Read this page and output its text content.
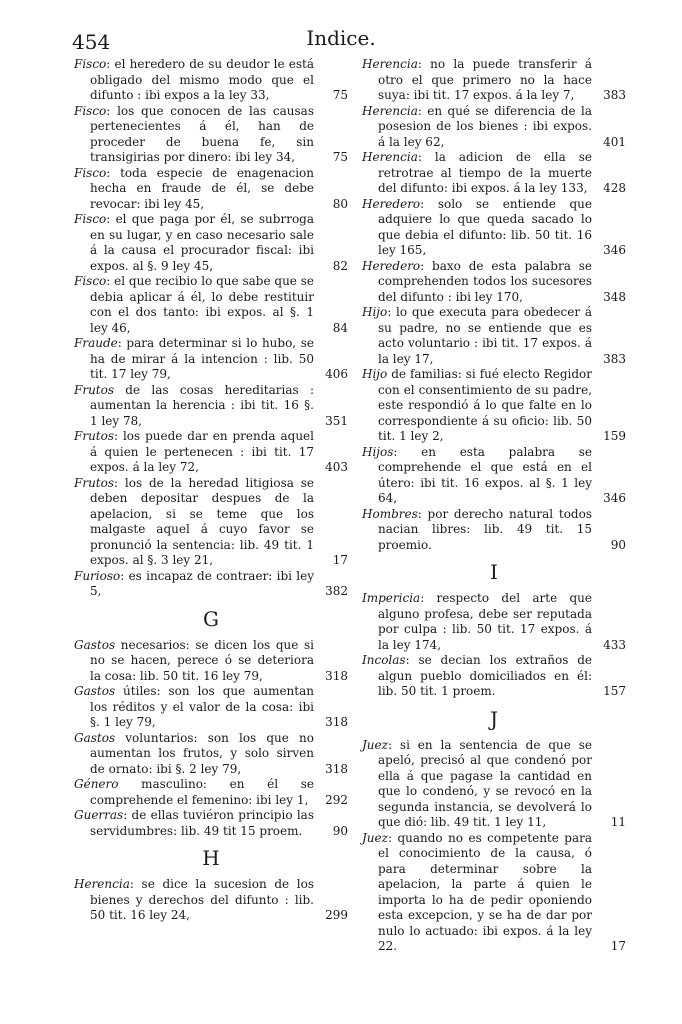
454	Indice.

Fisco: el heredero de su deudor le está obligado del mismo modo que el difunto : ibi expos a la ley 33,	75

Fisco: los que conocen de las causas pertenecientes á él, han de proceder de buena fe, sin transigirias por dinero: ibi ley 34,	75

Fisco: toda especie de enagenacion hecha en fraude de él, se debe revocar: ibi ley 45,	80

Fisco: el que paga por él, se subrroga en su lugar, y en caso necesario sale á la causa el procurador fiscal: ibi expos. al §. 9 ley 45,	82

Fisco: el que recibio lo que sabe que se debia aplicar á él, lo debe restituir con el dos tanto: ibi expos. al §. 1 ley 46,	84

Fraude: para determinar si lo hubo, se ha de mirar á la intencion : lib. 50 tit. 17 ley 79,	406

Frutos de las cosas hereditarias : aumentan la herencia : ibi tit. 16 §. 1 ley 78,	351

Frutos: los puede dar en prenda aquel á quien le pertenecen : ibi tit. 17 expos. á la ley 72,	403

Frutos: los de la heredad litigiosa se deben depositar despues de la apelacion, si se teme que los malgaste aquel á cuyo favor se pronunció la sentencia: lib. 49 tit. 1 expos. al §. 3 ley 21,	17

Furioso: es incapaz de contraer: ibi ley 5,	382

G

Gastos necesarios: se dicen los que si no se hacen, perece ó se deteriora la cosa: lib. 50 tit. 16 ley 79,	318

Gastos útiles: son los que aumentan los réditos y el valor de la cosa: ibi §. 1 ley 79,	318

Gastos voluntarios: son los que no aumentan los frutos, y solo sirven de ornato: ibi §. 2 ley 79,	318

Género masculino: en él se comprehende el femenino: ibi ley 1, 292

Guerras: de ellas tuviéron principio las servidumbres: lib. 49 tit 15 proem.	90

H

Herencia: se dice la sucesion de los bienes y derechos del difunto : lib. 50 tit. 16 ley 24,	299

Herencia: no la puede transferir á otro el que primero no la hace suya: ibi tit. 17 expos. á la ley 7, 383

Herencia: en qué se diferencia de la posesion de los bienes : ibi expos. á la ley 62,	401

Herencia: la adicion de ella se retrotrae al tiempo de la muerte del difunto: ibi expos. á la ley 133, 428

Heredero: solo se entiende que adquiere lo que queda sacado lo que debia el difunto: lib. 50 tit. 16 ley 165,	346

Heredero: baxo de esta palabra se comprehenden todos los sucesores del difunto : ibi ley 170,	348

Hijo: lo que executa para obedecer á su padre, no se entiende que es acto voluntario : ibi tit. 17 expos. á la ley 17,	383

Hijo de familias: si fué electo Regidor con el consentimiento de su padre, este respondió á lo que falte en lo correspondiente á su oficio: lib. 50 tit. 1 ley 2,	159

Hijos: en esta palabra se comprehende el que está en el útero: ibi tit. 16 expos. al §. 1 ley 64,	346

Hombres: por derecho natural todos nacian libres: lib. 49 tit. 15 proemio.	90

I

Impericia: respecto del arte que alguno profesa, debe ser reputada por culpa : lib. 50 tit. 17 expos. á la ley 174,	433

Incolas: se decian los extraños de algun pueblo domiciliados en él: lib. 50 tit. 1 proem.	157

J

Juez: si en la sentencia de que se apeló, precisó al que condenó por ella á que pagase la cantidad en que lo condenó, y se revocó en la segunda instancia, se devolverá lo que dió: lib. 49 tit. 1 ley 11,	11

Juez: quando no es competente para el conocimiento de la causa, ó para determinar sobre la apelacion, la parte á quien le importa lo ha de pedir oponiendo esta excepcion, y se ha de dar por nulo lo actuado: ibi expos. á la ley 22.	17
